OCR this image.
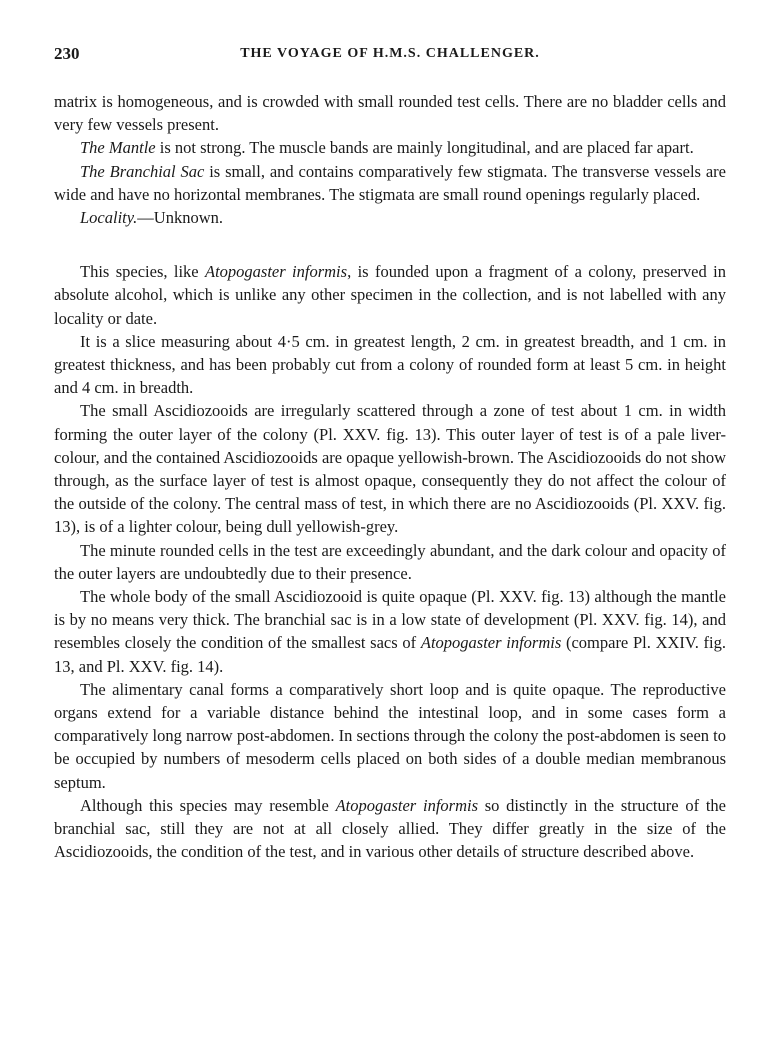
230	THE VOYAGE OF H.M.S. CHALLENGER.

matrix is homogeneous, and is crowded with small rounded test cells. There are no bladder cells and very few vessels present.

The Mantle is not strong. The muscle bands are mainly longitudinal, and are placed far apart.

The Branchial Sac is small, and contains comparatively few stigmata. The transverse vessels are wide and have no horizontal membranes. The stigmata are small round openings regularly placed.

Locality.—Unknown.

This species, like Atopogaster informis, is founded upon a fragment of a colony, preserved in absolute alcohol, which is unlike any other specimen in the collection, and is not labelled with any locality or date.

It is a slice measuring about 4·5 cm. in greatest length, 2 cm. in greatest breadth, and 1 cm. in greatest thickness, and has been probably cut from a colony of rounded form at least 5 cm. in height and 4 cm. in breadth.

The small Ascidiozooids are irregularly scattered through a zone of test about 1 cm. in width forming the outer layer of the colony (Pl. XXV. fig. 13). This outer layer of test is of a pale liver-colour, and the contained Ascidiozooids are opaque yellowish-brown. The Ascidiozooids do not show through, as the surface layer of test is almost opaque, consequently they do not affect the colour of the outside of the colony. The central mass of test, in which there are no Ascidiozooids (Pl. XXV. fig. 13), is of a lighter colour, being dull yellowish-grey.

The minute rounded cells in the test are exceedingly abundant, and the dark colour and opacity of the outer layers are undoubtedly due to their presence.

The whole body of the small Ascidiozooid is quite opaque (Pl. XXV. fig. 13) although the mantle is by no means very thick. The branchial sac is in a low state of development (Pl. XXV. fig. 14), and resembles closely the condition of the smallest sacs of Atopogaster informis (compare Pl. XXIV. fig. 13, and Pl. XXV. fig. 14).

The alimentary canal forms a comparatively short loop and is quite opaque. The reproductive organs extend for a variable distance behind the intestinal loop, and in some cases form a comparatively long narrow post-abdomen. In sections through the colony the post-abdomen is seen to be occupied by numbers of mesoderm cells placed on both sides of a double median membranous septum.

Although this species may resemble Atopogaster informis so distinctly in the structure of the branchial sac, still they are not at all closely allied. They differ greatly in the size of the Ascidiozooids, the condition of the test, and in various other details of structure described above.
